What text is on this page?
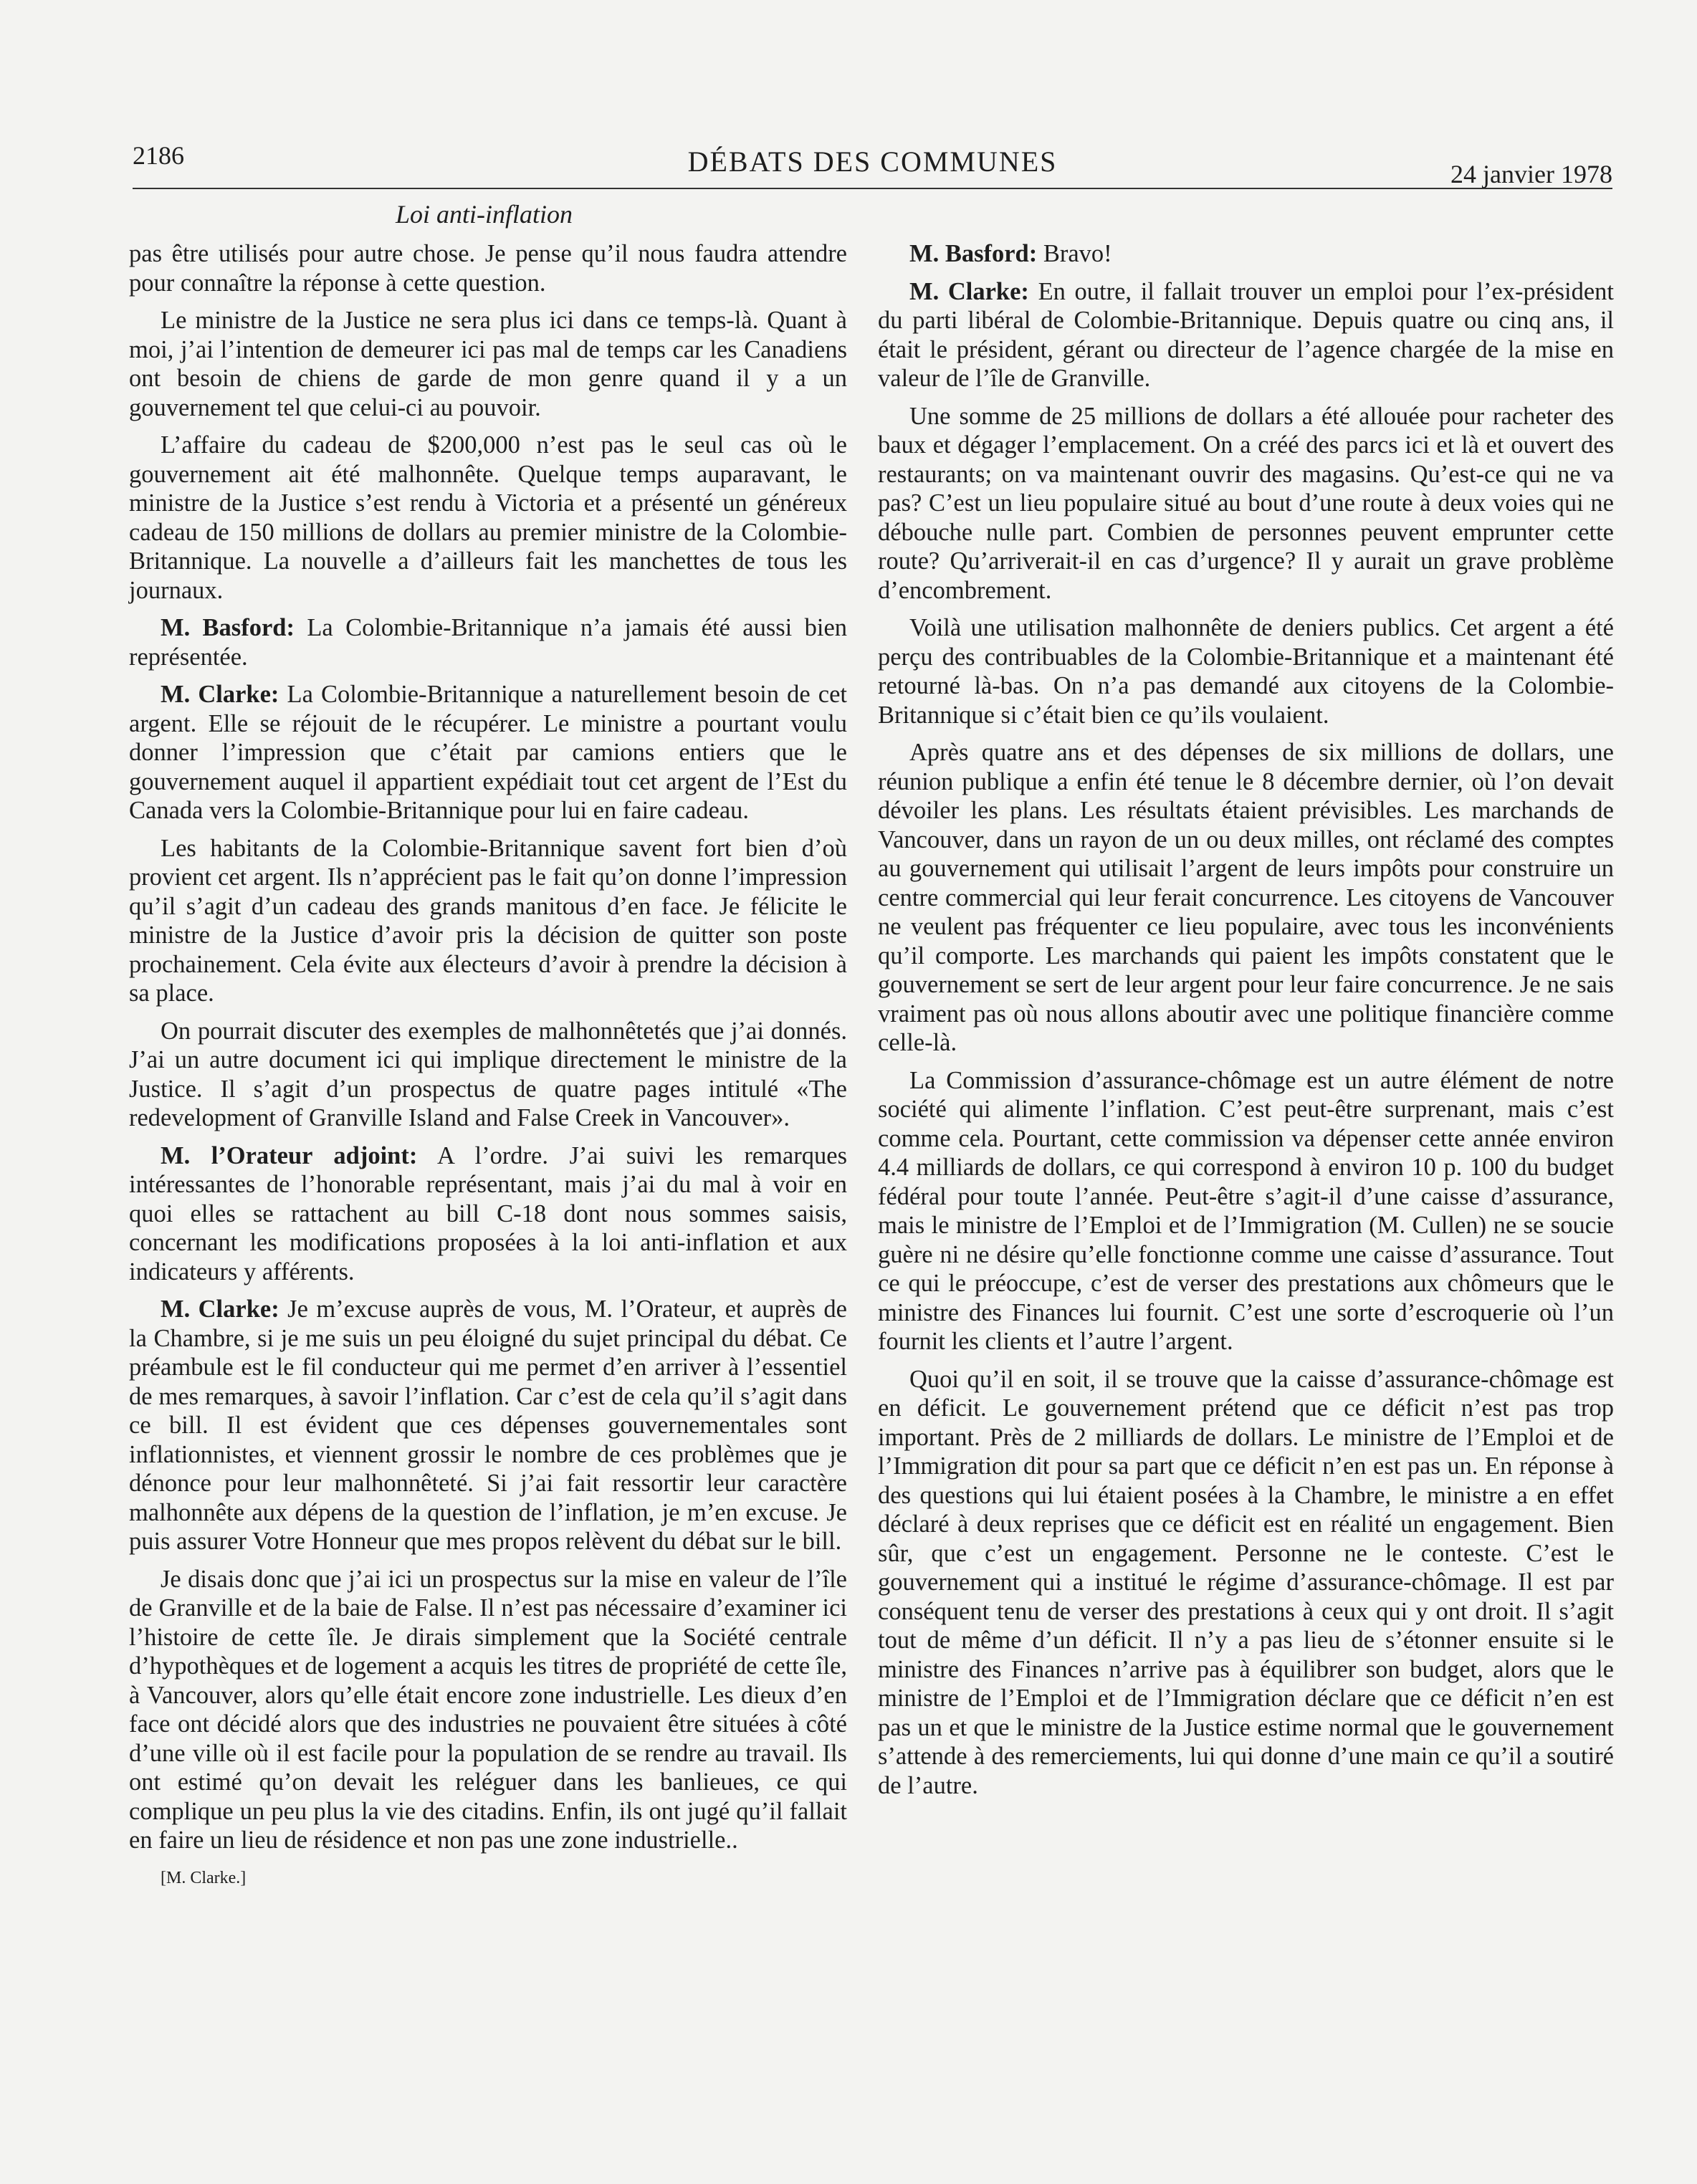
2186	DÉBATS DES COMMUNES	24 janvier 1978
Loi anti-inflation

pas être utilisés pour autre chose. Je pense qu’il nous faudra attendre pour connaître la réponse à cette question.

Le ministre de la Justice ne sera plus ici dans ce temps-là. Quant à moi, j’ai l’intention de demeurer ici pas mal de temps car les Canadiens ont besoin de chiens de garde de mon genre quand il y a un gouvernement tel que celui-ci au pouvoir.

L’affaire du cadeau de $200,000 n’est pas le seul cas où le gouvernement ait été malhonnête. Quelque temps auparavant, le ministre de la Justice s’est rendu à Victoria et a présenté un généreux cadeau de 150 millions de dollars au premier ministre de la Colombie-Britannique. La nouvelle a d’ailleurs fait les manchettes de tous les journaux.

M. Basford: La Colombie-Britannique n’a jamais été aussi bien représentée.

M. Clarke: La Colombie-Britannique a naturellement besoin de cet argent. Elle se réjouit de le récupérer. Le ministre a pourtant voulu donner l’impression que c’était par camions entiers que le gouvernement auquel il appartient expédiait tout cet argent de l’Est du Canada vers la Colombie-Britannique pour lui en faire cadeau.

Les habitants de la Colombie-Britannique savent fort bien d’où provient cet argent. Ils n’apprécient pas le fait qu’on donne l’impression qu’il s’agit d’un cadeau des grands manitous d’en face. Je félicite le ministre de la Justice d’avoir pris la décision de quitter son poste prochainement. Cela évite aux électeurs d’avoir à prendre la décision à sa place.

On pourrait discuter des exemples de malhonnêtetés que j’ai donnés. J’ai un autre document ici qui implique directement le ministre de la Justice. Il s’agit d’un prospectus de quatre pages intitulé «The redevelopment of Granville Island and False Creek in Vancouver».

M. l’Orateur adjoint: A l’ordre. J’ai suivi les remarques intéressantes de l’honorable représentant, mais j’ai du mal à voir en quoi elles se rattachent au bill C-18 dont nous sommes saisis, concernant les modifications proposées à la loi anti-inflation et aux indicateurs y afférents.

M. Clarke: Je m’excuse auprès de vous, M. l’Orateur, et auprès de la Chambre, si je me suis un peu éloigné du sujet principal du débat. Ce préambule est le fil conducteur qui me permet d’en arriver à l’essentiel de mes remarques, à savoir l’inflation. Car c’est de cela qu’il s’agit dans ce bill. Il est évident que ces dépenses gouvernementales sont inflationnistes, et viennent grossir le nombre de ces problèmes que je dénonce pour leur malhonnêteté. Si j’ai fait ressortir leur caractère malhonnête aux dépens de la question de l’inflation, je m’en excuse. Je puis assurer Votre Honneur que mes propos relèvent du débat sur le bill.

Je disais donc que j’ai ici un prospectus sur la mise en valeur de l’île de Granville et de la baie de False. Il n’est pas nécessaire d’examiner ici l’histoire de cette île. Je dirais simplement que la Société centrale d’hypothèques et de logement a acquis les titres de propriété de cette île, à Vancouver, alors qu’elle était encore zone industrielle. Les dieux d’en face ont décidé alors que des industries ne pouvaient être situées à côté d’une ville où il est facile pour la population de se rendre au travail. Ils ont estimé qu’on devait les reléguer dans les banlieues, ce qui complique un peu plus la vie des citadins. Enfin, ils ont jugé qu’il fallait en faire un lieu de résidence et non pas une zone industrielle..

[M. Clarke.]

M. Basford: Bravo!

M. Clarke: En outre, il fallait trouver un emploi pour l’ex-président du parti libéral de Colombie-Britannique. Depuis quatre ou cinq ans, il était le président, gérant ou directeur de l’agence chargée de la mise en valeur de l’île de Granville.

Une somme de 25 millions de dollars a été allouée pour racheter des baux et dégager l’emplacement. On a créé des parcs ici et là et ouvert des restaurants; on va maintenant ouvrir des magasins. Qu’est-ce qui ne va pas? C’est un lieu populaire situé au bout d’une route à deux voies qui ne débouche nulle part. Combien de personnes peuvent emprunter cette route? Qu’arriverait-il en cas d’urgence? Il y aurait un grave problème d’encombrement.

Voilà une utilisation malhonnête de deniers publics. Cet argent a été perçu des contribuables de la Colombie-Britannique et a maintenant été retourné là-bas. On n’a pas demandé aux citoyens de la Colombie-Britannique si c’était bien ce qu’ils voulaient.

Après quatre ans et des dépenses de six millions de dollars, une réunion publique a enfin été tenue le 8 décembre dernier, où l’on devait dévoiler les plans. Les résultats étaient prévisibles. Les marchands de Vancouver, dans un rayon de un ou deux milles, ont réclamé des comptes au gouvernement qui utilisait l’argent de leurs impôts pour construire un centre commercial qui leur ferait concurrence. Les citoyens de Vancouver ne veulent pas fréquenter ce lieu populaire, avec tous les inconvénients qu’il comporte. Les marchands qui paient les impôts constatent que le gouvernement se sert de leur argent pour leur faire concurrence. Je ne sais vraiment pas où nous allons aboutir avec une politique financière comme celle-là.

La Commission d’assurance-chômage est un autre élément de notre société qui alimente l’inflation. C’est peut-être surprenant, mais c’est comme cela. Pourtant, cette commission va dépenser cette année environ 4.4 milliards de dollars, ce qui correspond à environ 10 p. 100 du budget fédéral pour toute l’année. Peut-être s’agit-il d’une caisse d’assurance, mais le ministre de l’Emploi et de l’Immigration (M. Cullen) ne se soucie guère ni ne désire qu’elle fonctionne comme une caisse d’assurance. Tout ce qui le préoccupe, c’est de verser des prestations aux chômeurs que le ministre des Finances lui fournit. C’est une sorte d’escroquerie où l’un fournit les clients et l’autre l’argent.

Quoi qu’il en soit, il se trouve que la caisse d’assurance-chômage est en déficit. Le gouvernement prétend que ce déficit n’est pas trop important. Près de 2 milliards de dollars. Le ministre de l’Emploi et de l’Immigration dit pour sa part que ce déficit n’en est pas un. En réponse à des questions qui lui étaient posées à la Chambre, le ministre a en effet déclaré à deux reprises que ce déficit est en réalité un engagement. Bien sûr, que c’est un engagement. Personne ne le conteste. C’est le gouvernement qui a institué le régime d’assurance-chômage. Il est par conséquent tenu de verser des prestations à ceux qui y ont droit. Il s’agit tout de même d’un déficit. Il n’y a pas lieu de s’étonner ensuite si le ministre des Finances n’arrive pas à équilibrer son budget, alors que le ministre de l’Emploi et de l’Immigration déclare que ce déficit n’en est pas un et que le ministre de la Justice estime normal que le gouvernement s’attende à des remerciements, lui qui donne d’une main ce qu’il a soutiré de l’autre.
